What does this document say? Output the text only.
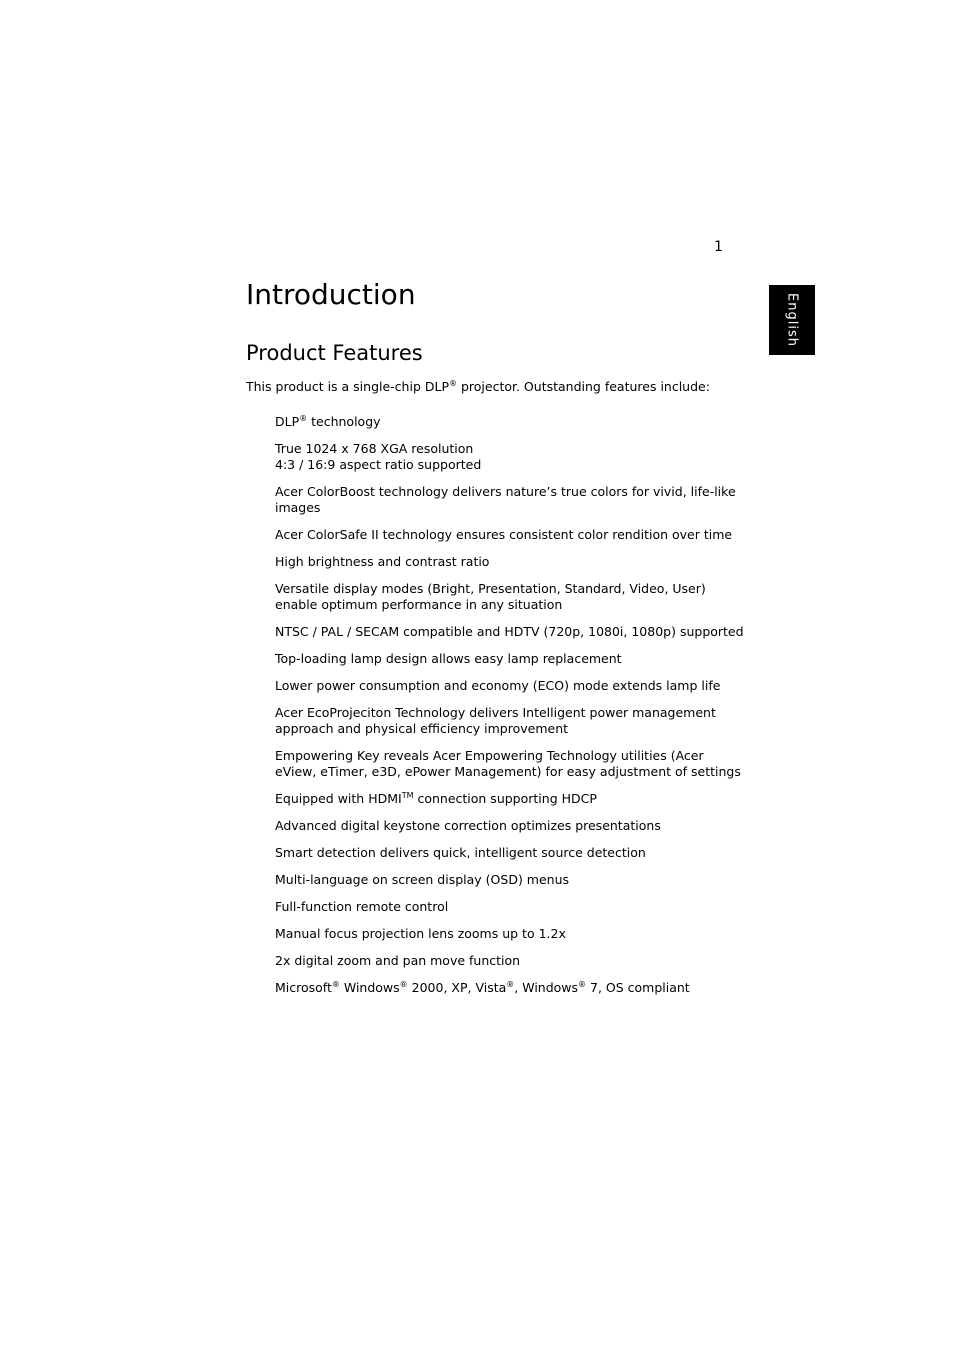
1
English
Introduction
Product Features
This product is a single-chip DLP® projector. Outstanding features include:
DLP® technology
True 1024 x 768 XGA resolution
4:3 / 16:9 aspect ratio supported
Acer ColorBoost technology delivers nature’s true colors for vivid, life-like
images
Acer ColorSafe II technology ensures consistent color rendition over time
High brightness and contrast ratio
Versatile display modes (Bright, Presentation, Standard, Video, User)
enable optimum performance in any situation
NTSC / PAL / SECAM compatible and HDTV (720p, 1080i, 1080p) supported
Top-loading lamp design allows easy lamp replacement
Lower power consumption and economy (ECO) mode extends lamp life
Acer EcoProjeciton Technology delivers Intelligent power management
approach and physical efficiency improvement
Empowering Key reveals Acer Empowering Technology utilities (Acer
eView, eTimer, e3D, ePower Management) for easy adjustment of settings
Equipped with HDMI™ connection supporting HDCP
Advanced digital keystone correction optimizes presentations
Smart detection delivers quick, intelligent source detection
Multi-language on screen display (OSD) menus
Full-function remote control
Manual focus projection lens zooms up to 1.2x
2x digital zoom and pan move function
Microsoft® Windows® 2000, XP, Vista®, Windows® 7, OS compliant
